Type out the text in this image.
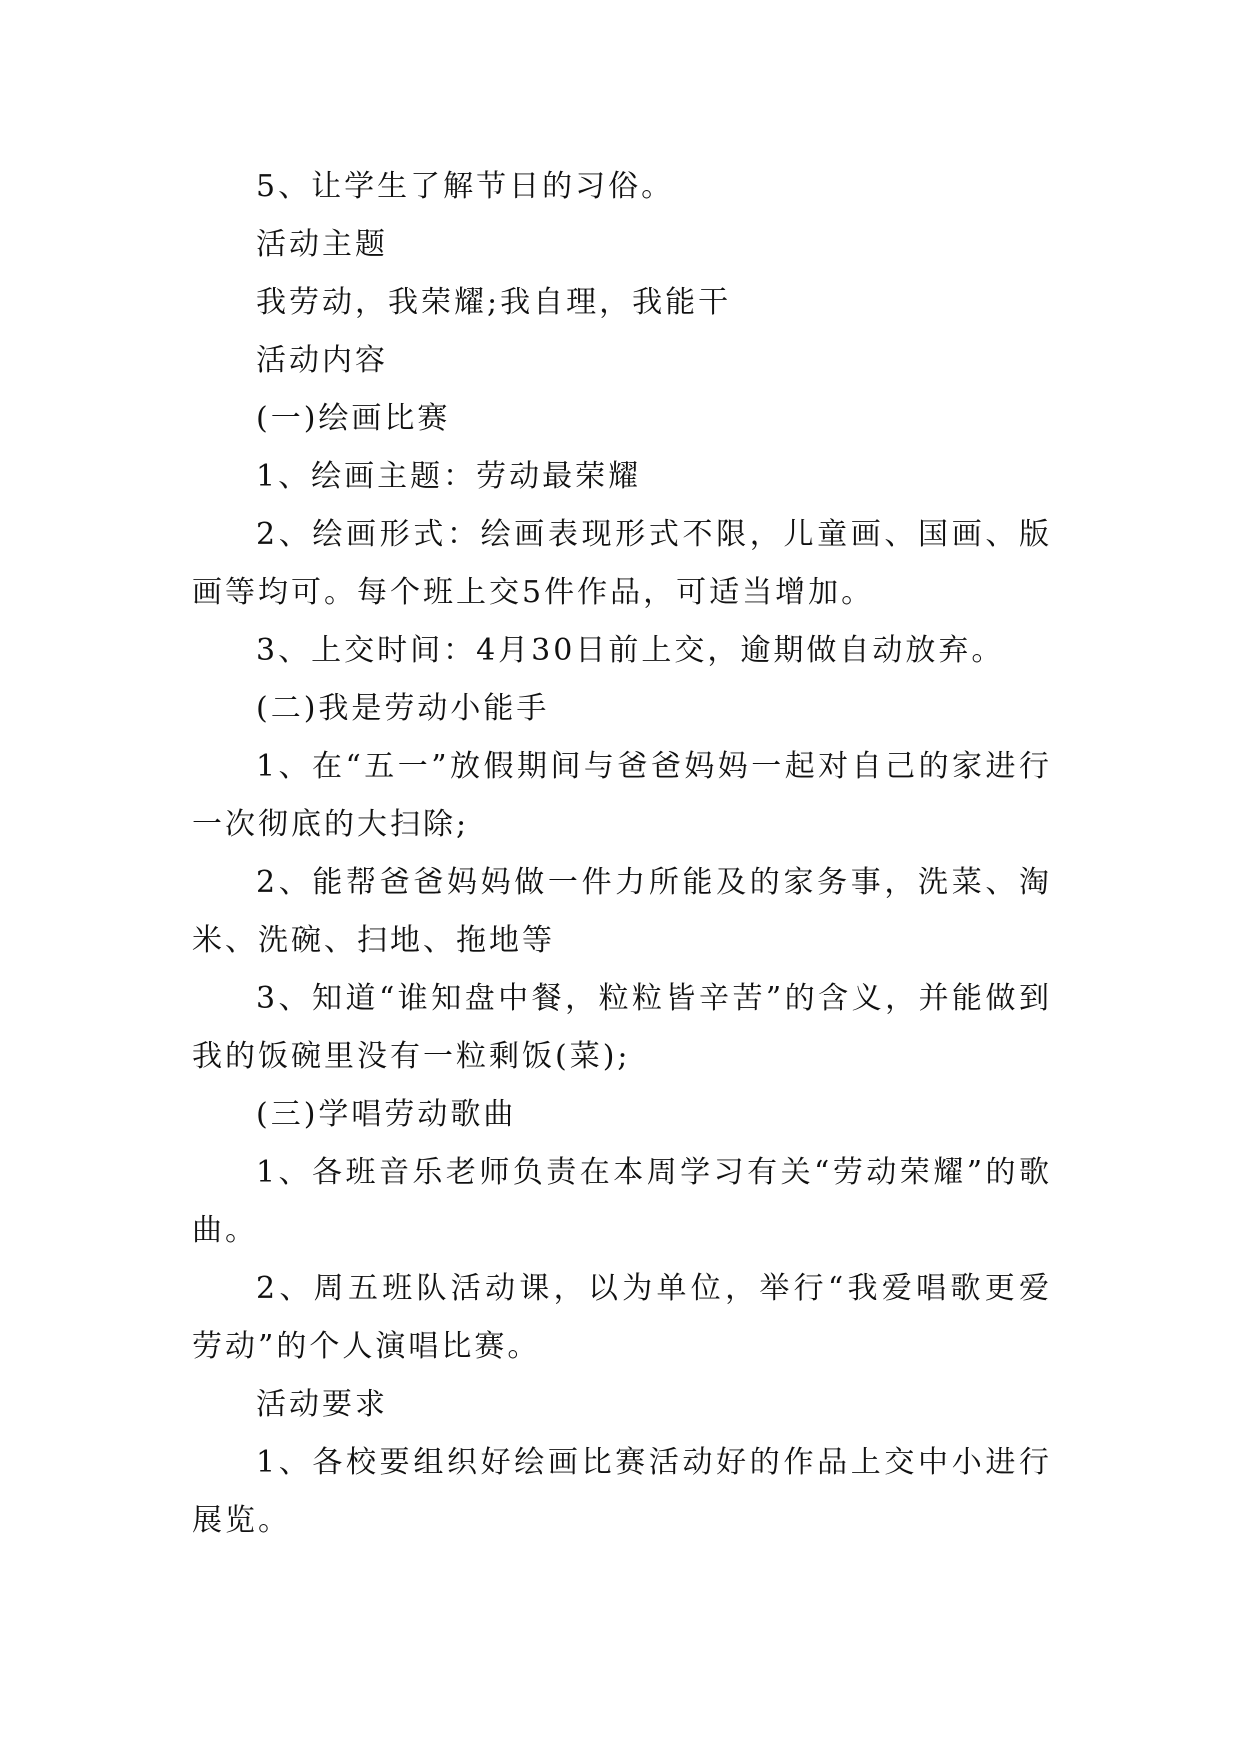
5、让学生了解节日的习俗。

活动主题

我劳动，我荣耀;我自理，我能干

活动内容

(一)绘画比赛

1、绘画主题：劳动最荣耀

2、绘画形式：绘画表现形式不限，儿童画、国画、版画等均可。每个班上交5件作品，可适当增加。

3、上交时间：4月30日前上交，逾期做自动放弃。

(二)我是劳动小能手

1、在“五一”放假期间与爸爸妈妈一起对自己的家进行一次彻底的大扫除;

2、能帮爸爸妈妈做一件力所能及的家务事，洗菜、淘米、洗碗、扫地、拖地等

3、知道“谁知盘中餐，粒粒皆辛苦”的含义，并能做到我的饭碗里没有一粒剩饭(菜);

(三)学唱劳动歌曲

1、各班音乐老师负责在本周学习有关“劳动荣耀”的歌曲。

2、周五班队活动课，以为单位，举行“我爱唱歌更爱劳动”的个人演唱比赛。

活动要求

1、各校要组织好绘画比赛活动好的作品上交中小进行展览。
